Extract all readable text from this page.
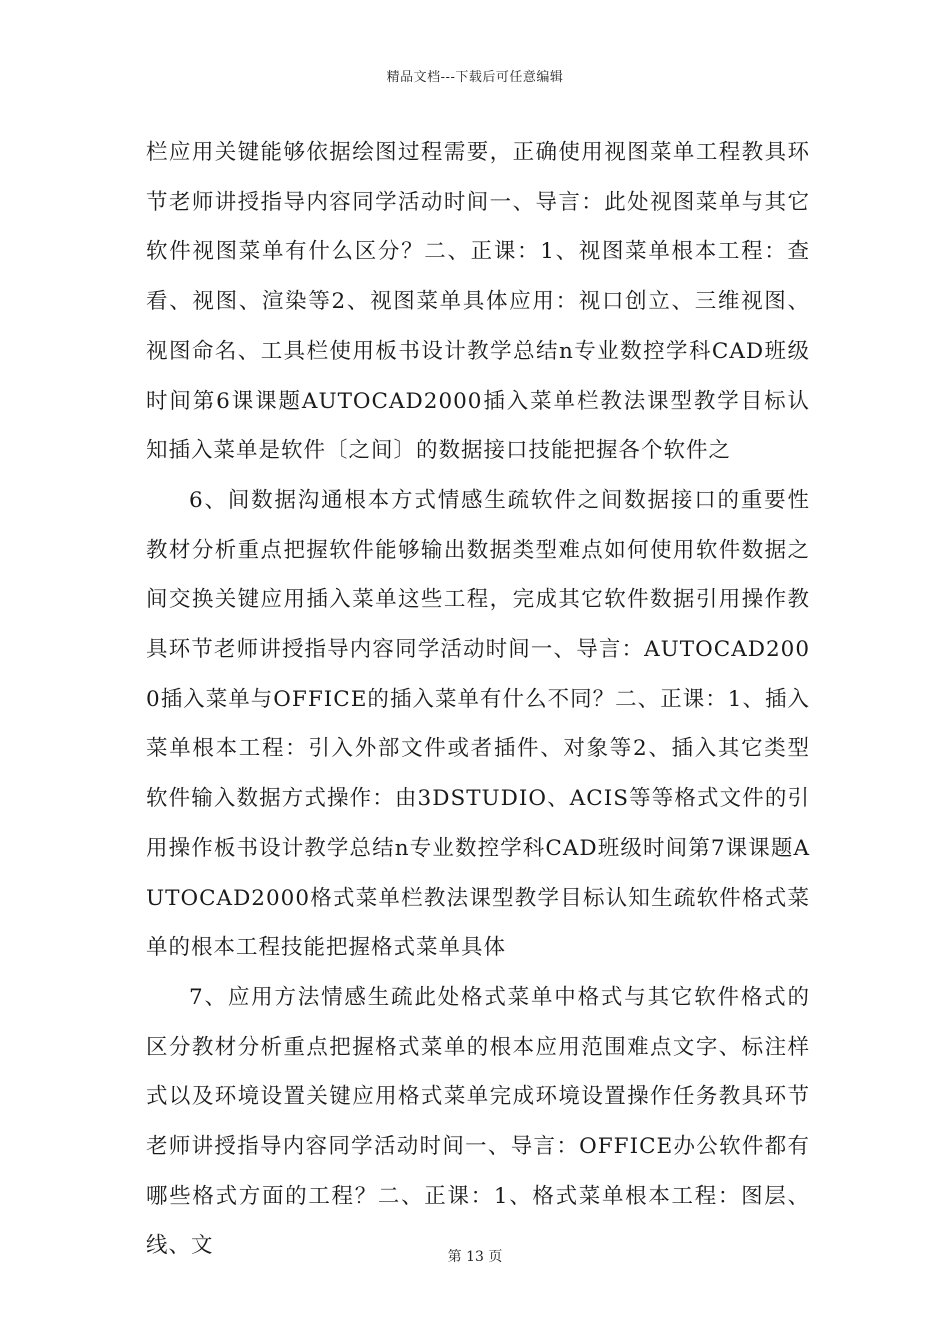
精品文档---下载后可任意编辑

栏应用关键能够依据绘图过程需要，正确使用视图菜单工程教具环节老师讲授指导内容同学活动时间一、导言：此处视图菜单与其它软件视图菜单有什么区分？二、正课：1、视图菜单根本工程：查看、视图、渲染等2、视图菜单具体应用：视口创立、三维视图、视图命名、工具栏使用板书设计教学总结n专业数控学科CAD班级时间第6课课题AUTOCAD2000插入菜单栏教法课型教学目标认知插入菜单是软件〔之间〕的数据接口技能把握各个软件之

6、间数据沟通根本方式情感生疏软件之间数据接口的重要性教材分析重点把握软件能够输出数据类型难点如何使用软件数据之间交换关键应用插入菜单这些工程，完成其它软件数据引用操作教具环节老师讲授指导内容同学活动时间一、导言：AUTOCAD2000插入菜单与OFFICE的插入菜单有什么不同？二、正课：1、插入菜单根本工程：引入外部文件或者插件、对象等2、插入其它类型软件输入数据方式操作：由3DSTUDIO、ACIS等等格式文件的引用操作板书设计教学总结n专业数控学科CAD班级时间第7课课题AUTOCAD2000格式菜单栏教法课型教学目标认知生疏软件格式菜单的根本工程技能把握格式菜单具体

7、应用方法情感生疏此处格式菜单中格式与其它软件格式的区分教材分析重点把握格式菜单的根本应用范围难点文字、标注样式以及环境设置关键应用格式菜单完成环境设置操作任务教具环节老师讲授指导内容同学活动时间一、导言：OFFICE办公软件都有哪些格式方面的工程？二、正课：1、格式菜单根本工程：图层、线、文	第 13 页
